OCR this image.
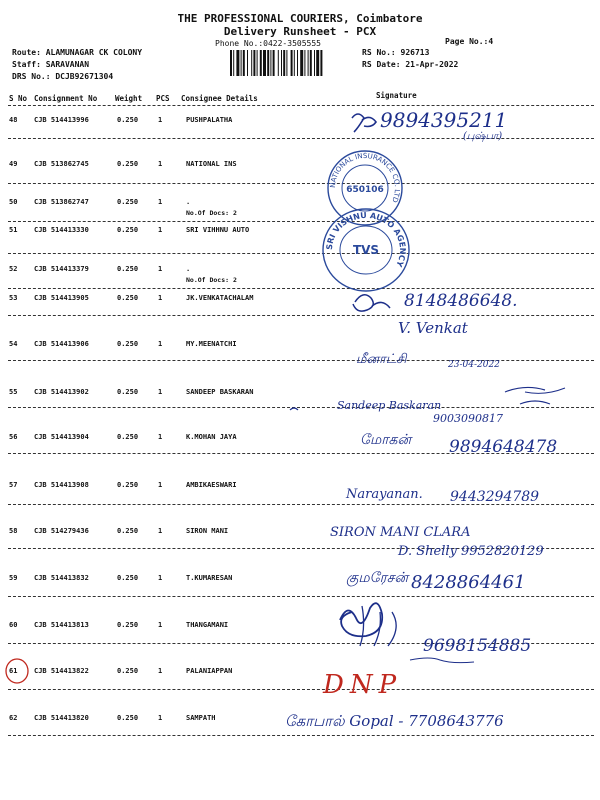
THE PROFESSIONAL COURIERS, Coimbatore
Delivery Runsheet - PCX
Phone No.:0422-3505555	Page No.:4
Route: ALAMUNAGAR CK COLONY
Staff: SARAVANAN
DRS No.: DCJB92671304
RS No.: 926713
RS Date: 21-Apr-2022
S No Consignment No Weight PCS Consignee Details	Signature
48 CJB 514413996	0.250	1	PUSHPALATHA
49 CJB 513862745	0.250	1	NATIONAL INS
50 CJB 513862747	0.250	1	.
No.Of Docs: 2
51 CJB 514413330	0.250	1	SRI VIHHNU AUTO
52 CJB 514413379	0.250	1	.
No.Of Docs: 2
53 CJB 514413905	0.250	1	JK.VENKATACHALAM
54 CJB 514413906	0.250	1	MY.MEENATCHI
55 CJB 514413902	0.250	1	SANDEEP BASKARAN
56 CJB 514413904	0.250	1	K.MOHAN JAYA
57 CJB 514413908	0.250	1	AMBIKAESWARI
58 CJB 514279436	0.250	1	SIRON MANI
59 CJB 514413832	0.250	1	T.KUMARESAN
60 CJB 514413813	0.250	1	THANGAMANI
61 CJB 514413822	0.250	1	PALANIAPPAN
62 CJB 514413820	0.250	1	SAMPATH
NATIONAL INSURANCE CO. LTD
650106
SRI VISHNU AUTO AGENCY
TVS
9894395211
(புஷ்பா)
8148486648.
V. Venkat
மீனாட்சி	23-04-2022
Sandeep Baskaran
9003090817
மோகன் 9894648478
Narayanan. 9443294789
SIRON MANI CLARA
D. Shelly 9952820129
குமரேசன் 8428864461
9698154885
DNP
கோபால் Gopal - 7708643776
